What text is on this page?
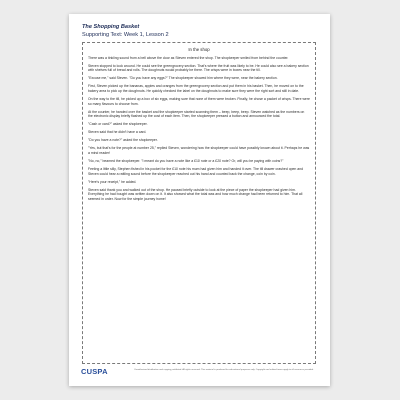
The Shopping Basket
Supporting Text: Week 1, Lesson 2
In the shop

There was a tinkling sound from a bell above the door as Steven entered the shop. The shopkeeper smiled from behind the counter.

Steven stopped to look around. He could see the greengrocery section. That's where the fruit was likely to be. He could also see a bakery section with shelves full of bread and rolls. The doughnuts would probably be there. The crisps were in boxes near the till.

"Excuse me," said Steven. "Do you have any eggs?" The shopkeeper showed him where they were, near the bakery section.

First, Steven picked up the bananas, apples and oranges from the greengrocery section and put them in his basket. Then, he moved on to the bakery area to pick up the doughnuts. He quickly checked the label on the doughnuts to make sure they were the right sort and still in date.

On the way to the till, he picked up a box of six eggs, making sure that none of them were broken. Finally, he chose a packet of crisps. There were so many flavours to choose from.

At the counter, he handed over the basket and the shopkeeper started scanning them – beep, beep, beep. Steven watched as the numbers on the electronic display briefly flashed up the cost of each item. Then, the shopkeeper pressed a button and announced the total.

"Cash or card?" asked the shopkeeper.

Steven said that he didn't have a card.

"Do you have a note?" asked the shopkeeper.

"Yes, but that's for the people at number 25," replied Steven, wondering how the shopkeeper could have possibly known about it. Perhaps he was a mind reader!

"No, no," beamed the shopkeeper. "I meant do you have a note like a £10 note or a £20 note? Or, will you be paying with coins?"

Feeling a little silly, Stephen fished in his pocket for the £10 note his mum had given him and handed it over. The till drawer crashed open and Steven could hear a rattling sound before the shopkeeper reached out his hand and counted back the change, coin by coin.

"Here's your receipt," he added.

Steven said thank you and walked out of the shop. He paused briefly outside to look at the piece of paper the shopkeeper had given him. Everything he had bought was written down on it. It also showed what the total was and how much change had been returned to him. That all seemed in order. Now for the simple journey home!

CUSPA	Unauthorised distribution and copying prohibited. All rights reserved. This material is produced for educational purposes only. Copyright and related terms apply to all resources provided.
